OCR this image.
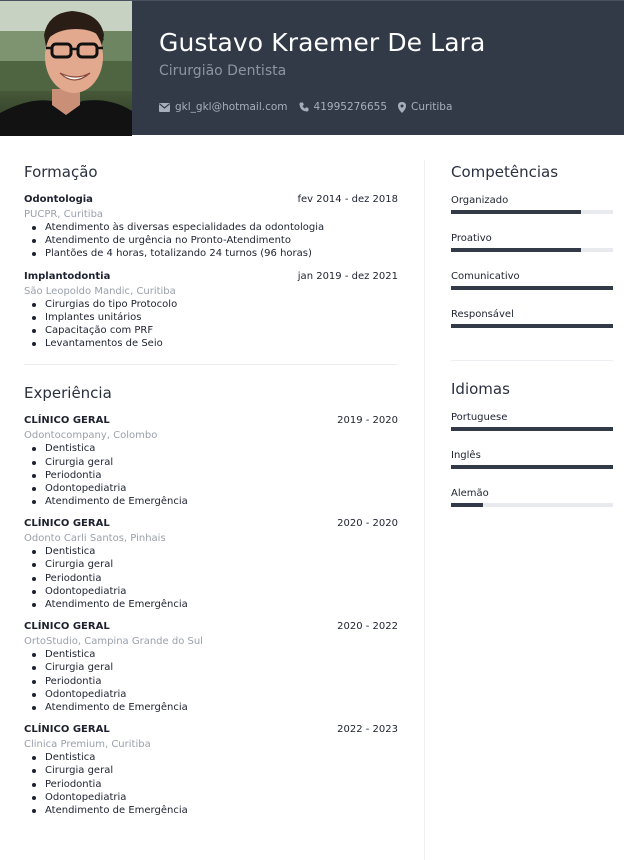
Gustavo Kraemer De Lara
Cirurgião Dentista
gkl_gkl@hotmail.com 41995276655 Curitiba
Formação
Odontologia	fev 2014 - dez 2018
PUCPR, Curitiba
Atendimento às diversas especialidades da odontologia
Atendimento de urgência no Pronto-Atendimento
Plantões de 4 horas, totalizando 24 turnos (96 horas)
Implantodontia	jan 2019 - dez 2021
São Leopoldo Mandic, Curitiba
Cirurgias do tipo Protocolo
Implantes unitários
Capacitação com PRF
Levantamentos de Seio
Experiência
CLÍNICO GERAL	2019 - 2020
Odontocompany, Colombo
Dentistica
Cirurgia geral
Periodontia
Odontopediatria
Atendimento de Emergência
CLÍNICO GERAL	2020 - 2020
Odonto Carli Santos, Pinhais
Dentistica
Cirurgia geral
Periodontia
Odontopediatria
Atendimento de Emergência
CLÍNICO GERAL	2020 - 2022
OrtoStudio, Campina Grande do Sul
Dentistica
Cirurgia geral
Periodontia
Odontopediatria
Atendimento de Emergência
CLÍNICO GERAL	2022 - 2023
Clinica Premium, Curitiba
Dentistica
Cirurgia geral
Periodontia
Odontopediatria
Atendimento de Emergência
Competências
Organizado
Proativo
Comunicativo
Responsável
Idiomas
Portuguese
Inglês
Alemão
